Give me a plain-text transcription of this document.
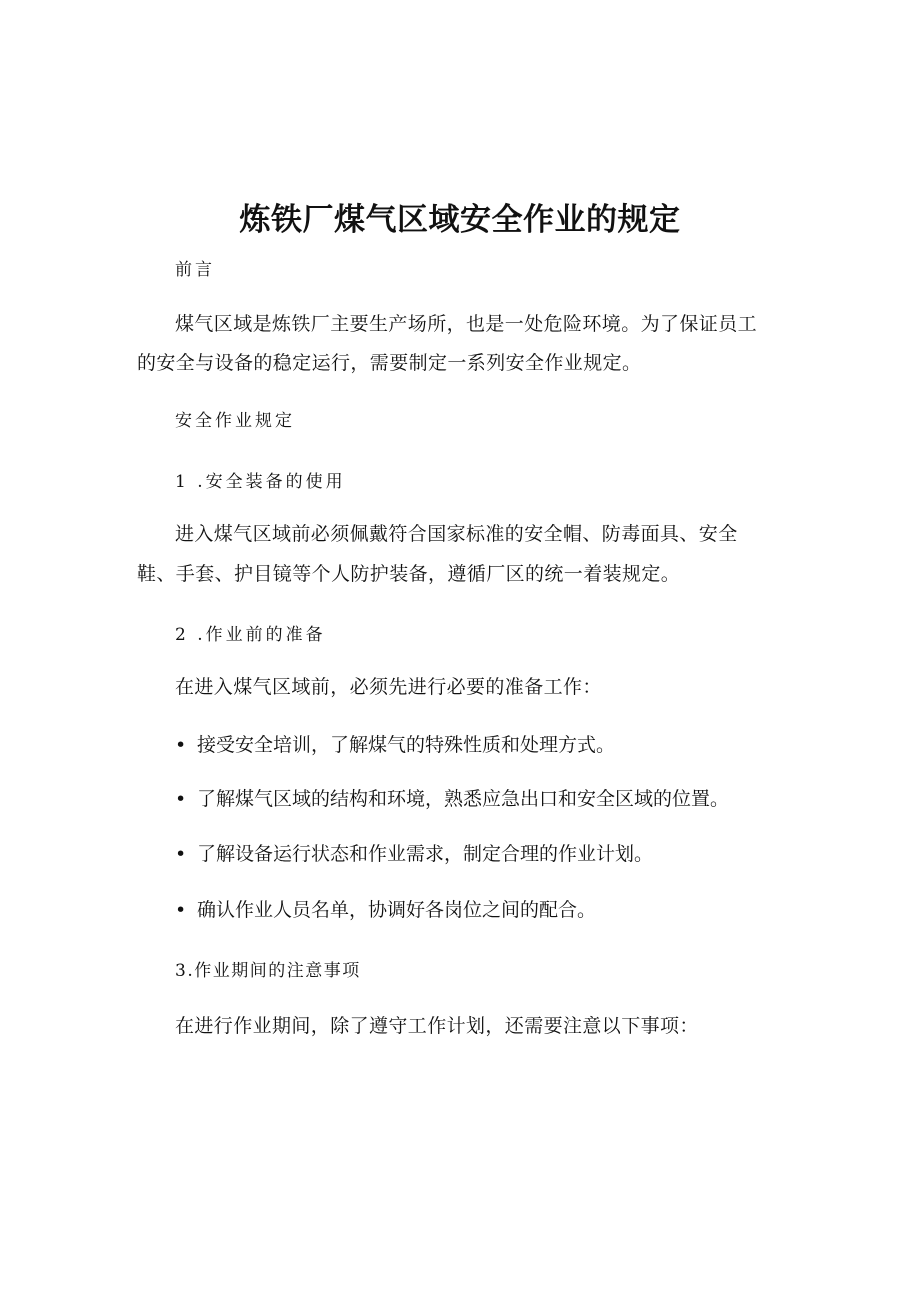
炼铁厂煤气区域安全作业的规定

前言

煤气区域是炼铁厂主要生产场所，也是一处危险环境。为了保证员工

的安全与设备的稳定运行，需要制定一系列安全作业规定。

安全作业规定

1 .安全装备的使用

进入煤气区域前必须佩戴符合国家标准的安全帽、防毒面具、安全

鞋、手套、护目镜等个人防护装备，遵循厂区的统一着装规定。

2 .作业前的准备

在进入煤气区域前，必须先进行必要的准备工作：

• 接受安全培训，了解煤气的特殊性质和处理方式。

• 了解煤气区域的结构和环境，熟悉应急出口和安全区域的位置。

• 了解设备运行状态和作业需求，制定合理的作业计划。

• 确认作业人员名单，协调好各岗位之间的配合。

3.作业期间的注意事项

在进行作业期间，除了遵守工作计划，还需要注意以下事项：
